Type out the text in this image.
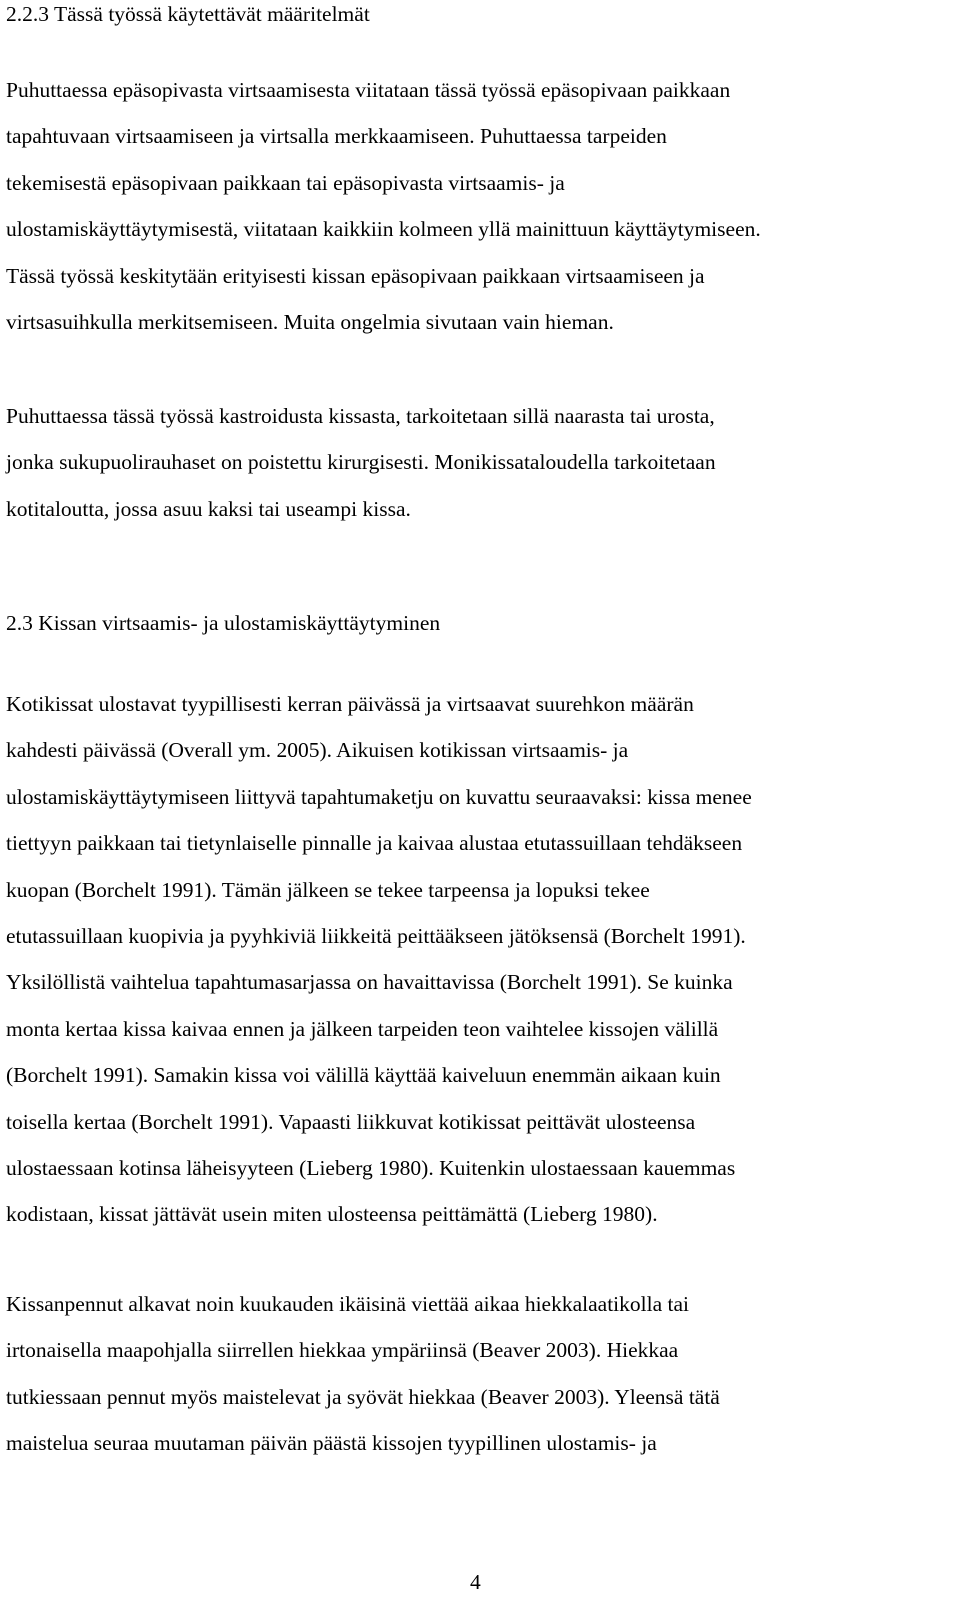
2.2.3 Tässä työssä käytettävät määritelmät
Puhuttaessa epäsopivasta virtsaamisesta viitataan tässä työssä epäsopivaan paikkaan
tapahtuvaan virtsaamiseen ja virtsalla merkkaamiseen. Puhuttaessa tarpeiden
tekemisestä epäsopivaan paikkaan tai epäsopivasta virtsaamis- ja
ulostamiskäyttäytymisestä, viitataan kaikkiin kolmeen yllä mainittuun käyttäytymiseen.
Tässä työssä keskitytään erityisesti kissan epäsopivaan paikkaan virtsaamiseen ja
virtsasuihkulla merkitsemiseen. Muita ongelmia sivutaan vain hieman.
Puhuttaessa tässä työssä kastroidusta kissasta, tarkoitetaan sillä naarasta tai urosta,
jonka sukupuolirauhaset on poistettu kirurgisesti. Monikissataloudella tarkoitetaan
kotitaloutta, jossa asuu kaksi tai useampi kissa.
2.3 Kissan virtsaamis- ja ulostamiskäyttäytyminen
Kotikissat ulostavat tyypillisesti kerran päivässä ja virtsaavat suurehkon määrän
kahdesti päivässä (Overall ym. 2005). Aikuisen kotikissan virtsaamis- ja
ulostamiskäyttäytymiseen liittyvä tapahtumaketju on kuvattu seuraavaksi: kissa menee
tiettyyn paikkaan tai tietynlaiselle pinnalle ja kaivaa alustaa etutassuillaan tehdäkseen
kuopan (Borchelt 1991). Tämän jälkeen se tekee tarpeensa ja lopuksi tekee
etutassuillaan kuopivia ja pyyhkiviä liikkeitä peittääkseen jätöksensä (Borchelt 1991).
Yksilöllistä vaihtelua tapahtumasarjassa on havaittavissa (Borchelt 1991). Se kuinka
monta kertaa kissa kaivaa ennen ja jälkeen tarpeiden teon vaihtelee kissojen välillä
(Borchelt 1991). Samakin kissa voi välillä käyttää kaiveluun enemmän aikaan kuin
toisella kertaa (Borchelt 1991). Vapaasti liikkuvat kotikissat peittävät ulosteensa
ulostaessaan kotinsa läheisyyteen (Lieberg 1980). Kuitenkin ulostaessaan kauemmas
kodistaan, kissat jättävät usein miten ulosteensa peittämättä (Lieberg 1980).
Kissanpennut alkavat noin kuukauden ikäisinä viettää aikaa hiekkalaatikolla tai
irtonaisella maapohjalla siirrellen hiekkaa ympäriinsä (Beaver 2003). Hiekkaa
tutkiessaan pennut myös maistelevat ja syövät hiekkaa (Beaver 2003). Yleensä tätä
maistelua seuraa muutaman päivän päästä kissojen tyypillinen ulostamis- ja
4
